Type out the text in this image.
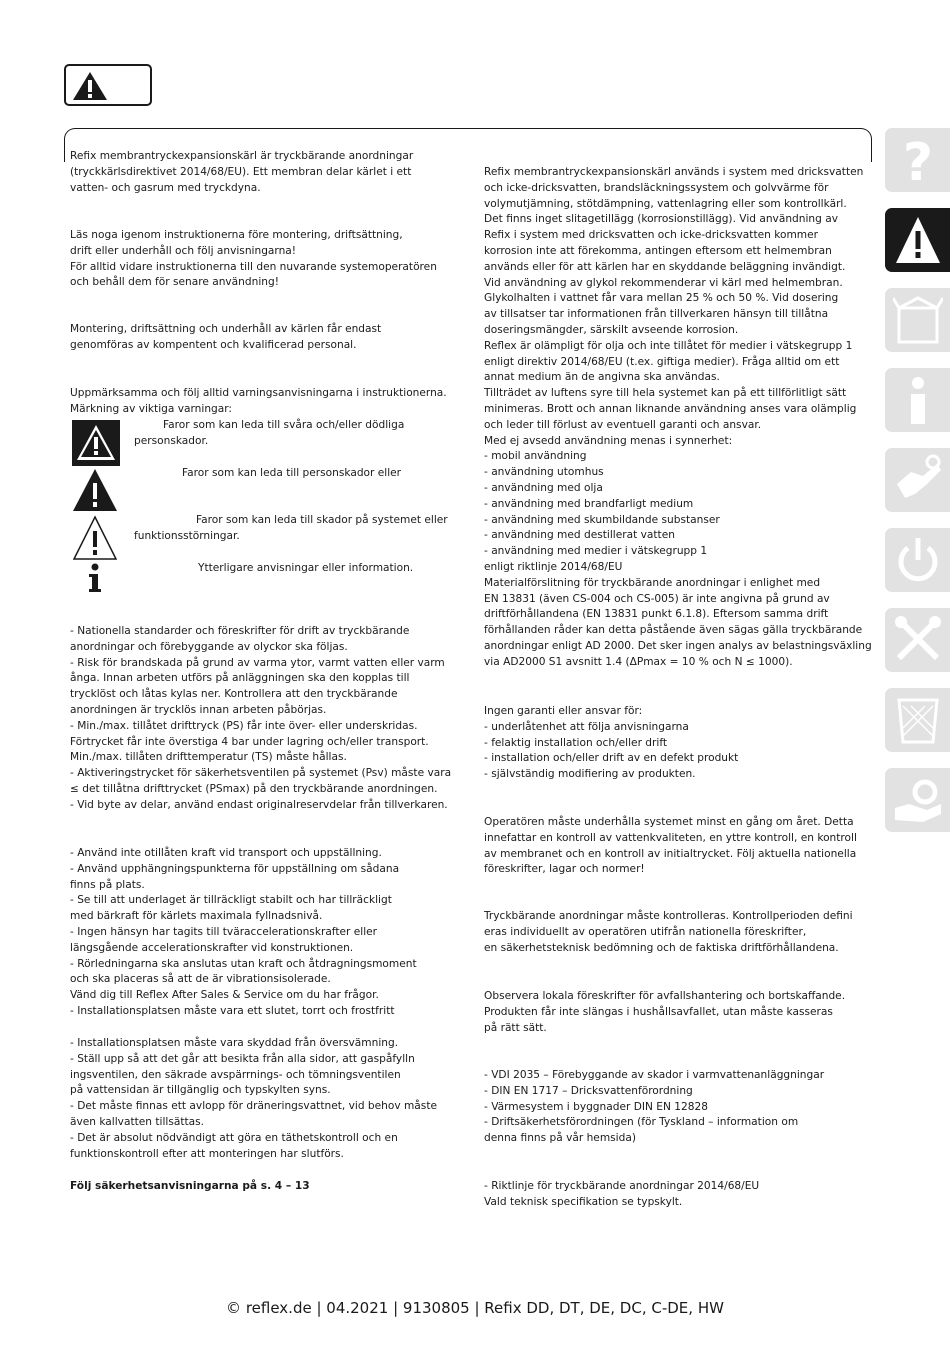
Refix membrantryckexpansionskärl är tryckbärande anordningar
(tryckkärlsdirektivet 2014/68/EU). Ett membran delar kärlet i ett
vatten- och gasrum med tryckdyna.

Läs noga igenom instruktionerna före montering, driftsättning,
drift eller underhåll och följ anvisningarna!
För alltid vidare instruktionerna till den nuvarande systemoperatören
och behåll dem för senare användning!

Montering, driftsättning och underhåll av kärlen får endast
genomföras av kompentent och kvalificerad personal.

Uppmärksamma och följ alltid varningsanvisningarna i instruktionerna.
Märkning av viktiga varningar:

Faror som kan leda till svåra och/eller dödliga
personskador.
Faror som kan leda till personskador eller
Faror som kan leda till skador på systemet eller
funktionsstörningar.
Ytterligare anvisningar eller information.

- Nationella standarder och föreskrifter för drift av tryckbärande
anordningar och förebyggande av olyckor ska följas.
- Risk för brandskada på grund av varma ytor, varmt vatten eller varm
ånga. Innan arbeten utförs på anläggningen ska den kopplas till
trycklöst och låtas kylas ner. Kontrollera att den tryckbärande
anordningen är trycklös innan arbeten påbörjas.
- Min./max. tillåtet drifttryck (PS) får inte över- eller underskridas.
Förtrycket får inte överstiga 4 bar under lagring och/eller transport.
Min./max. tillåten drifttemperatur (TS) måste hållas.
- Aktiveringstrycket för säkerhetsventilen på systemet (Psv) måste vara
≤ det tillåtna drifttrycket (PSmax) på den tryckbärande anordningen.
- Vid byte av delar, använd endast originalreservdelar från tillverkaren.

- Använd inte otillåten kraft vid transport och uppställning.
- Använd upphängningspunkterna för uppställning om sådana
finns på plats.
- Se till att underlaget är tillräckligt stabilt och har tillräckligt
med bärkraft för kärlets maximala fyllnadsnivå.
- Ingen hänsyn har tagits till tväraccelerationskrafter eller
längsgående accelerationskrafter vid konstruktionen.
- Rörledningarna ska anslutas utan kraft och åtdragningsmoment
och ska placeras så att de är vibrationsisolerade.
Vänd dig till Reflex After Sales & Service om du har frågor.
- Installationsplatsen måste vara ett slutet, torrt och frostfritt

- Installationsplatsen måste vara skyddad från översvämning.
- Ställ upp så att det går att besikta från alla sidor, att gaspåfylln
ingsventilen, den säkrade avspärrnings- och tömningsventilen
på vattensidan är tillgänglig och typskylten syns.
- Det måste finnas ett avlopp för dräneringsvattnet, vid behov måste
även kallvatten tillsättas.
- Det är absolut nödvändigt att göra en täthetskontroll och en
funktionskontroll efter att monteringen har slutförs.

Följ säkerhetsanvisningarna på s. 4 – 13

Refix membrantryckexpansionskärl används i system med dricksvatten
och icke-dricksvatten, brandsläckningssystem och golvvärme för
volymutjämning, stötdämpning, vattenlagring eller som kontrollkärl.
Det finns inget slitagetillägg (korrosionstillägg). Vid användning av
Refix i system med dricksvatten och icke-dricksvatten kommer
korrosion inte att förekomma, antingen eftersom ett helmembran
används eller för att kärlen har en skyddande beläggning invändigt.
Vid användning av glykol rekommenderar vi kärl med helmembran.
Glykolhalten i vattnet får vara mellan 25 % och 50 %. Vid dosering
av tillsatser tar informationen från tillverkaren hänsyn till tillåtna
doseringsmängder, särskilt avseende korrosion.
Reflex är olämpligt för olja och inte tillåtet för medier i vätskegrupp 1
enligt direktiv 2014/68/EU (t.ex. giftiga medier). Fråga alltid om ett
annat medium än de angivna ska användas.
Tillträdet av luftens syre till hela systemet kan på ett tillförlitligt sätt
minimeras. Brott och annan liknande användning anses vara olämplig
och leder till förlust av eventuell garanti och ansvar.
Med ej avsedd användning menas i synnerhet:
- mobil användning
- användning utomhus
- användning med olja
- användning med brandfarligt medium
- användning med skumbildande substanser
- användning med destillerat vatten
- användning med medier i vätskegrupp 1
enligt riktlinje 2014/68/EU
Materialförslitning för tryckbärande anordningar i enlighet med
EN 13831 (även CS-004 och CS-005) är inte angivna på grund av
driftförhållandena (EN 13831 punkt 6.1.8). Eftersom samma drift
förhållanden råder kan detta påstående även sägas gälla tryckbärande
anordningar enligt AD 2000. Det sker ingen analys av belastningsväxling
via AD2000 S1 avsnitt 1.4 (ΔPmax = 10 % och N ≤ 1000).

Ingen garanti eller ansvar för:
- underlåtenhet att följa anvisningarna
- felaktig installation och/eller drift
- installation och/eller drift av en defekt produkt
- självständig modifiering av produkten.

Operatören måste underhålla systemet minst en gång om året. Detta
innefattar en kontroll av vattenkvaliteten, en yttre kontroll, en kontroll
av membranet och en kontroll av initialtrycket. Följ aktuella nationella
föreskrifter, lagar och normer!

Tryckbärande anordningar måste kontrolleras. Kontrollperioden defini
eras individuellt av operatören utifrån nationella föreskrifter,
en säkerhetsteknisk bedömning och de faktiska driftförhållandena.

Observera lokala föreskrifter för avfallshantering och bortskaffande.
Produkten får inte slängas i hushållsavfallet, utan måste kasseras
på rätt sätt.

- VDI 2035 – Förebyggande av skador i varmvattenanläggningar
- DIN EN 1717 – Dricksvattenförordning
- Värmesystem i byggnader DIN EN 12828
- Driftsäkerhetsförordningen (för Tyskland – information om
denna finns på vår hemsida)

- Riktlinje för tryckbärande anordningar 2014/68/EU
Vald teknisk specifikation se typskylt.

?
© reflex.de | 04.2021 | 9130805 | Refix DD, DT, DE, DC, C-DE, HW
